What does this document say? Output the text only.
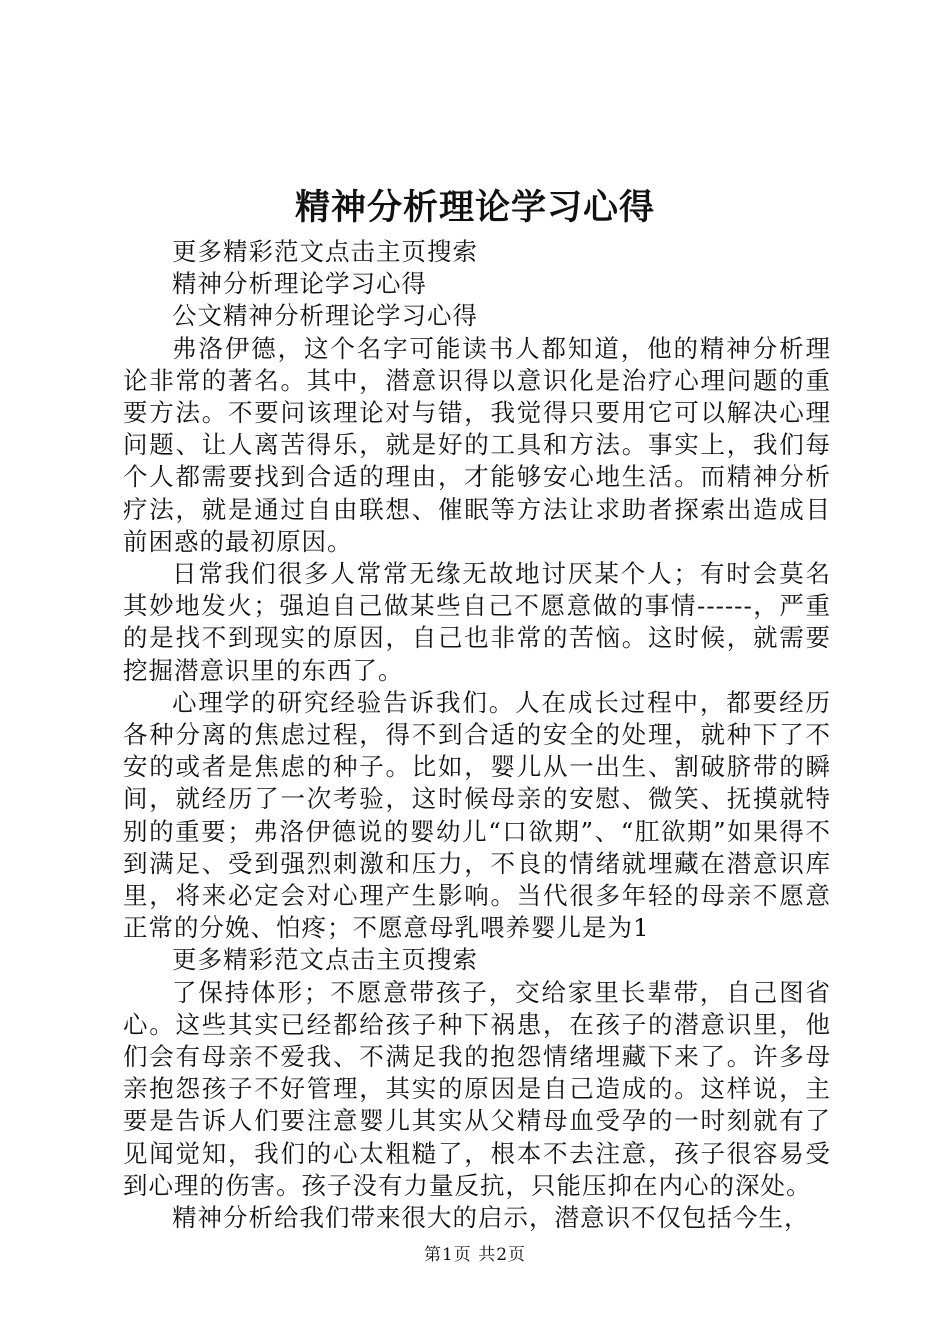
精神分析理论学习心得

更多精彩范文点击主页搜索

精神分析理论学习心得

公文精神分析理论学习心得

弗洛伊德，这个名字可能读书人都知道，他的精神分析理论非常的著名。其中，潜意识得以意识化是治疗心理问题的重要方法。不要问该理论对与错，我觉得只要用它可以解决心理问题、让人离苦得乐，就是好的工具和方法。事实上，我们每个人都需要找到合适的理由，才能够安心地生活。而精神分析疗法，就是通过自由联想、催眠等方法让求助者探索出造成目前困惑的最初原因。

日常我们很多人常常无缘无故地讨厌某个人；有时会莫名其妙地发火；强迫自己做某些自己不愿意做的事情------，严重的是找不到现实的原因，自己也非常的苦恼。这时候，就需要挖掘潜意识里的东西了。

心理学的研究经验告诉我们。人在成长过程中，都要经历各种分离的焦虑过程，得不到合适的安全的处理，就种下了不安的或者是焦虑的种子。比如，婴儿从一出生、割破脐带的瞬间，就经历了一次考验，这时候母亲的安慰、微笑、抚摸就特别的重要；弗洛伊德说的婴幼儿“口欲期”、“肛欲期”如果得不到满足、受到强烈刺激和压力，不良的情绪就埋藏在潜意识库里，将来必定会对心理产生影响。当代很多年轻的母亲不愿意正常的分娩、怕疼；不愿意母乳喂养婴儿是为1

更多精彩范文点击主页搜索

了保持体形；不愿意带孩子，交给家里长辈带，自己图省心。这些其实已经都给孩子种下祸患，在孩子的潜意识里，他们会有母亲不爱我、不满足我的抱怨情绪埋藏下来了。许多母亲抱怨孩子不好管理，其实的原因是自己造成的。这样说，主要是告诉人们要注意婴儿其实从父精母血受孕的一时刻就有了见闻觉知，我们的心太粗糙了，根本不去注意，孩子很容易受到心理的伤害。孩子没有力量反抗，只能压抑在内心的深处。

精神分析给我们带来很大的启示，潜意识不仅包括今生，

第1页 共2页
